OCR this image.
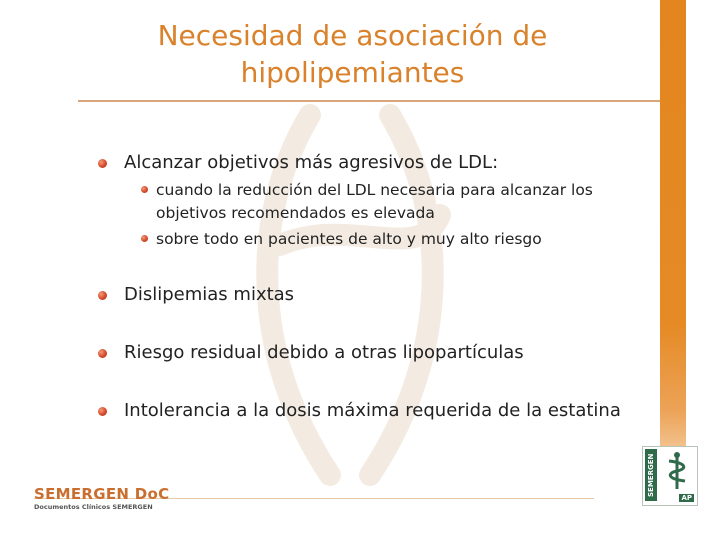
Necesidad de asociación de
hipolipemiantes

Alcanzar objetivos más agresivos de LDL:

cuando la reducción del LDL necesaria para alcanzar los

objetivos recomendados es elevada

sobre todo en pacientes de alto y muy alto riesgo

Dislipemias mixtas

Riesgo residual debido a otras lipopartículas

Intolerancia a la dosis máxima requerida de la estatina

SEMERGEN DoC
Documentos Clínicos SEMERGEN
SEMERGEN
AP
